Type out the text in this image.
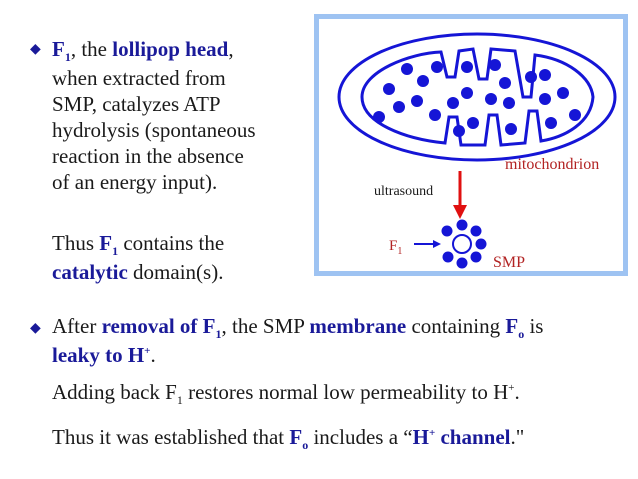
◆ $F_1$, the lollipop head,
when extracted from
SMP, catalyzes ATP
hydrolysis (spontaneous
reaction in the absence
of an energy input).

Thus $F_1$ contains the
catalytic domain(s).

◆ After removal of $F_1$, the SMP membrane containing $F_o$ is
leaky to H+.

Adding back $F_1$ restores normal low permeability to H+.

Thus it was established that $F_o$ includes a “H+ channel."

ultrasound
mitochondrion
$F_1$
SMP
